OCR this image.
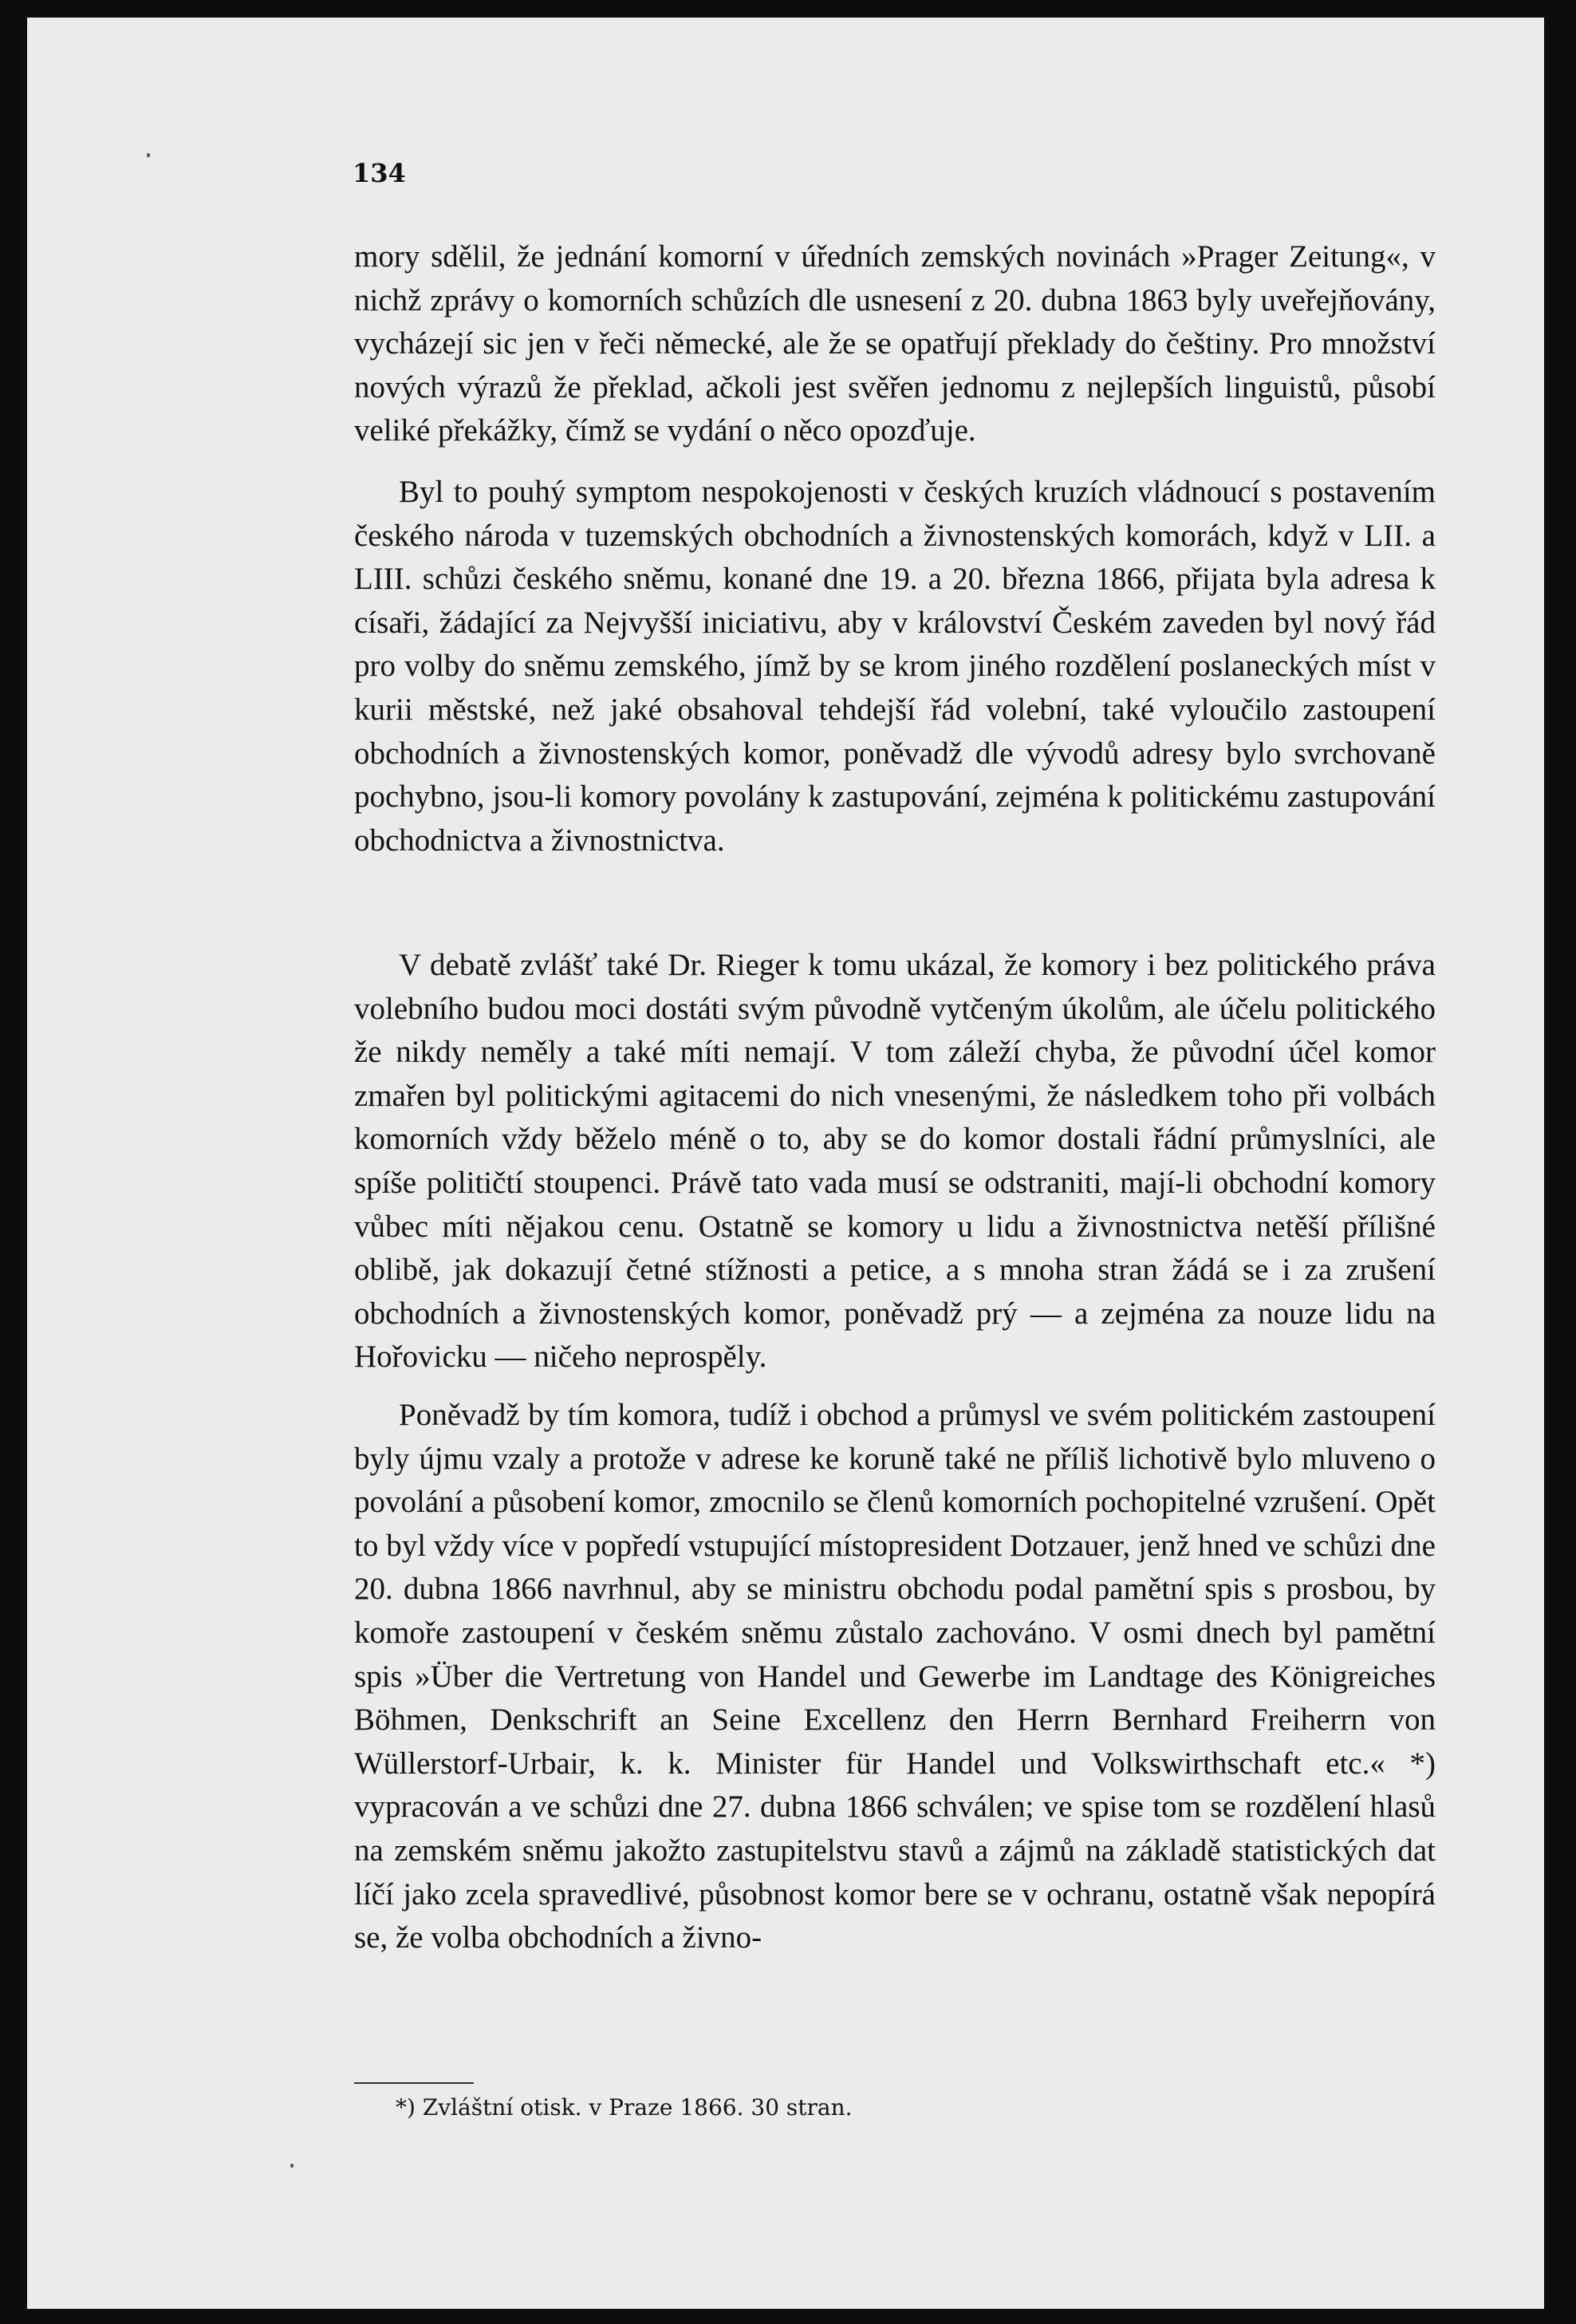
134

mory sdělil, že jednání komorní v úředních zemských novinách »Prager Zeitung«, v nichž zprávy o komorních schůzích dle usnesení z 20. dubna 1863 byly uveřejňovány, vycházejí sic jen v řeči německé, ale že se opatřují překlady do češtiny. Pro množství nových výrazů že překlad, ačkoli jest svěřen jednomu z nejlepších linguistů, působí veliké překážky, čímž se vydání o něco opozďuje.

Byl to pouhý symptom nespokojenosti v českých kruzích vládnoucí s postavením českého národa v tuzemských obchodních a živnostenských komorách, když v LII. a LIII. schůzi českého sněmu, konané dne 19. a 20. března 1866, přijata byla adresa k císaři, žádající za Nejvyšší iniciativu, aby v království Českém zaveden byl nový řád pro volby do sněmu zemského, jímž by se krom jiného rozdělení poslaneckých míst v kurii městské, než jaké obsahoval tehdejší řád volební, také vyloučilo zastoupení obchodních a živnostenských komor, poněvadž dle vývodů adresy bylo svrchovaně pochybno, jsou-li komory povolány k zastupování, zejména k politickému zastupování obchodnictva a živnostnictva.

V debatě zvlášť také Dr. Rieger k tomu ukázal, že komory i bez politického práva volebního budou moci dostáti svým původně vytčeným úkolům, ale účelu politického že nikdy neměly a také míti nemají. V tom záleží chyba, že původní účel komor zmařen byl politickými agitacemi do nich vnesenými, že následkem toho při volbách komorních vždy běželo méně o to, aby se do komor dostali řádní průmyslníci, ale spíše političtí stoupenci. Právě tato vada musí se odstraniti, mají-li obchodní komory vůbec míti nějakou cenu. Ostatně se komory u lidu a živnostnictva netěší přílišné oblibě, jak dokazují četné stížnosti a petice, a s mnoha stran žádá se i za zrušení obchodních a živnostenských komor, poněvadž prý — a zejména za nouze lidu na Hořovicku — ničeho neprospěly.

Poněvadž by tím komora, tudíž i obchod a průmysl ve svém politickém zastoupení byly újmu vzaly a protože v adrese ke koruně také ne příliš lichotivě bylo mluveno o povolání a působení komor, zmocnilo se členů komorních pochopitelné vzrušení. Opět to byl vždy více v popředí vstupující místopresident Dotzauer, jenž hned ve schůzi dne 20. dubna 1866 navrhnul, aby se ministru obchodu podal pamětní spis s prosbou, by komoře zastoupení v českém sněmu zůstalo zachováno. V osmi dnech byl pamětní spis »Über die Vertretung von Handel und Gewerbe im Landtage des Königreiches Böhmen, Denkschrift an Seine Excellenz den Herrn Bernhard Freiherrn von Wüllerstorf-Urbair, k. k. Minister für Handel und Volkswirthschaft etc.« *) vypracován a ve schůzi dne 27. dubna 1866 schválen; ve spise tom se rozdělení hlasů na zemském sněmu jakožto zastupitelstvu stavů a zájmů na základě statistických dat líčí jako zcela spravedlivé, působnost komor bere se v ochranu, ostatně však nepopírá se, že volba obchodních a živno-

*) Zvláštní otisk. v Praze 1866. 30 stran.
